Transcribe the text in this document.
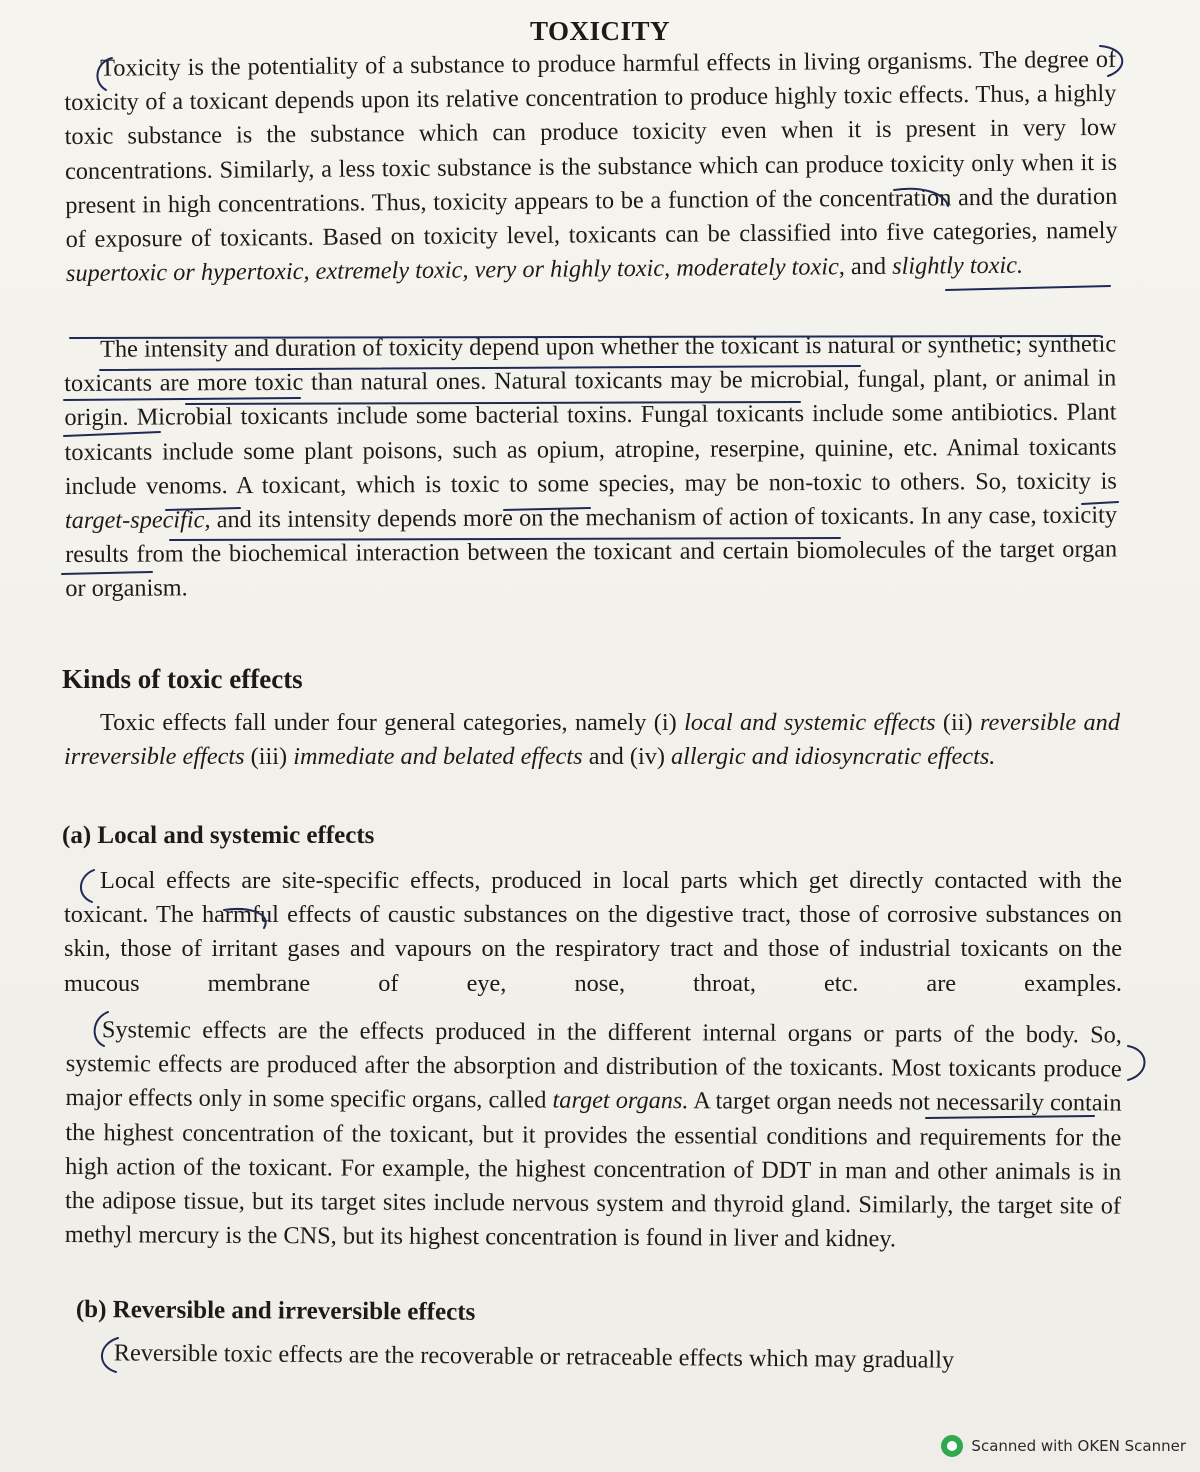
TOXICITY
Toxicity is the potentiality of a substance to produce harmful effects in living organisms. The degree of toxicity of a toxicant depends upon its relative concentration to produce highly toxic effects. Thus, a highly toxic substance is the substance which can produce toxicity even when it is present in very low concentrations. Similarly, a less toxic substance is the substance which can produce toxicity only when it is present in high concentrations. Thus, toxicity appears to be a function of the concentration and the duration of exposure of toxicants. Based on toxicity level, toxicants can be classified into five categories, namely supertoxic or hypertoxic, extremely toxic, very or highly toxic, moderately toxic, and slightly toxic.
The intensity and duration of toxicity depend upon whether the toxicant is natural or synthetic; synthetic toxicants are more toxic than natural ones. Natural toxicants may be microbial, fungal, plant, or animal in origin. Microbial toxicants include some bacterial toxins. Fungal toxicants include some antibiotics. Plant toxicants include some plant poisons, such as opium, atropine, reserpine, quinine, etc. Animal toxicants include venoms. A toxicant, which is toxic to some species, may be non-toxic to others. So, toxicity is target-specific, and its intensity depends more on the mechanism of action of toxicants. In any case, toxicity results from the biochemical interaction between the toxicant and certain biomolecules of the target organ or organism.
Kinds of toxic effects
Toxic effects fall under four general categories, namely (i) local and systemic effects (ii) reversible and irreversible effects (iii) immediate and belated effects and (iv) allergic and idiosyncratic effects.
(a) Local and systemic effects
Local effects are site-specific effects, produced in local parts which get directly contacted with the toxicant. The harmful effects of caustic substances on the digestive tract, those of corrosive substances on skin, those of irritant gases and vapours on the respiratory tract and those of industrial toxicants on the mucous membrane of eye, nose, throat, etc. are examples.
Systemic effects are the effects produced in the different internal organs or parts of the body. So, systemic effects are produced after the absorption and distribution of the toxicants. Most toxicants produce major effects only in some specific organs, called target organs. A target organ needs not necessarily contain the highest concentration of the toxicant, but it provides the essential conditions and requirements for the high action of the toxicant. For example, the highest concentration of DDT in man and other animals is in the adipose tissue, but its target sites include nervous system and thyroid gland. Similarly, the target site of methyl mercury is the CNS, but its highest concentration is found in liver and kidney.
(b) Reversible and irreversible effects
Reversible toxic effects are the recoverable or retraceable effects which may gradually
Scanned with OKEN Scanner
